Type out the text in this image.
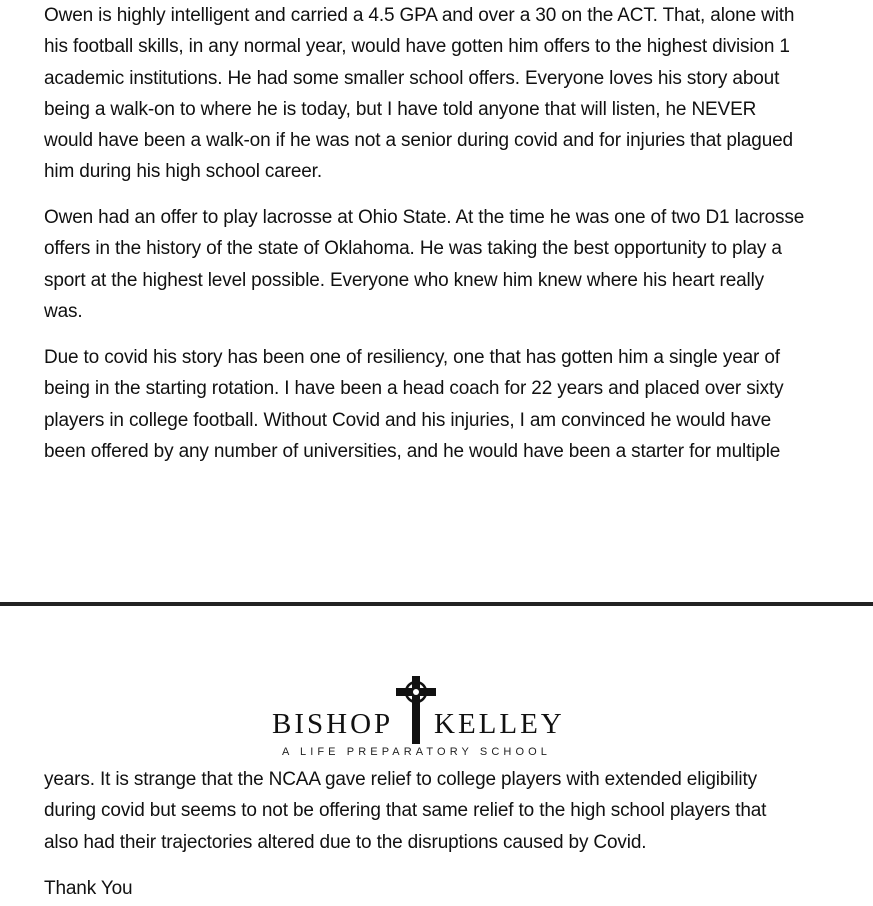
Owen is highly intelligent and carried a 4.5 GPA and over a 30 on the ACT. That, alone with
his football skills, in any normal year, would have gotten him offers to the highest division 1
academic institutions. He had some smaller school offers. Everyone loves his story about
being a walk-on to where he is today, but I have told anyone that will listen, he NEVER
would have been a walk-on if he was not a senior during covid and for injuries that plagued
him during his high school career.

Owen had an offer to play lacrosse at Ohio State. At the time he was one of two D1 lacrosse
offers in the history of the state of Oklahoma. He was taking the best opportunity to play a
sport at the highest level possible. Everyone who knew him knew where his heart really
was.

Due to covid his story has been one of resiliency, one that has gotten him a single year of
being in the starting rotation. I have been a head coach for 22 years and placed over sixty
players in college football. Without Covid and his injuries, I am convinced he would have
been offered by any number of universities, and he would have been a starter for multiple

BISHOP KELLEY
A LIFE PREPARATORY SCHOOL

years. It is strange that the NCAA gave relief to college players with extended eligibility
during covid but seems to not be offering that same relief to the high school players that
also had their trajectories altered due to the disruptions caused by Covid.

Thank You
